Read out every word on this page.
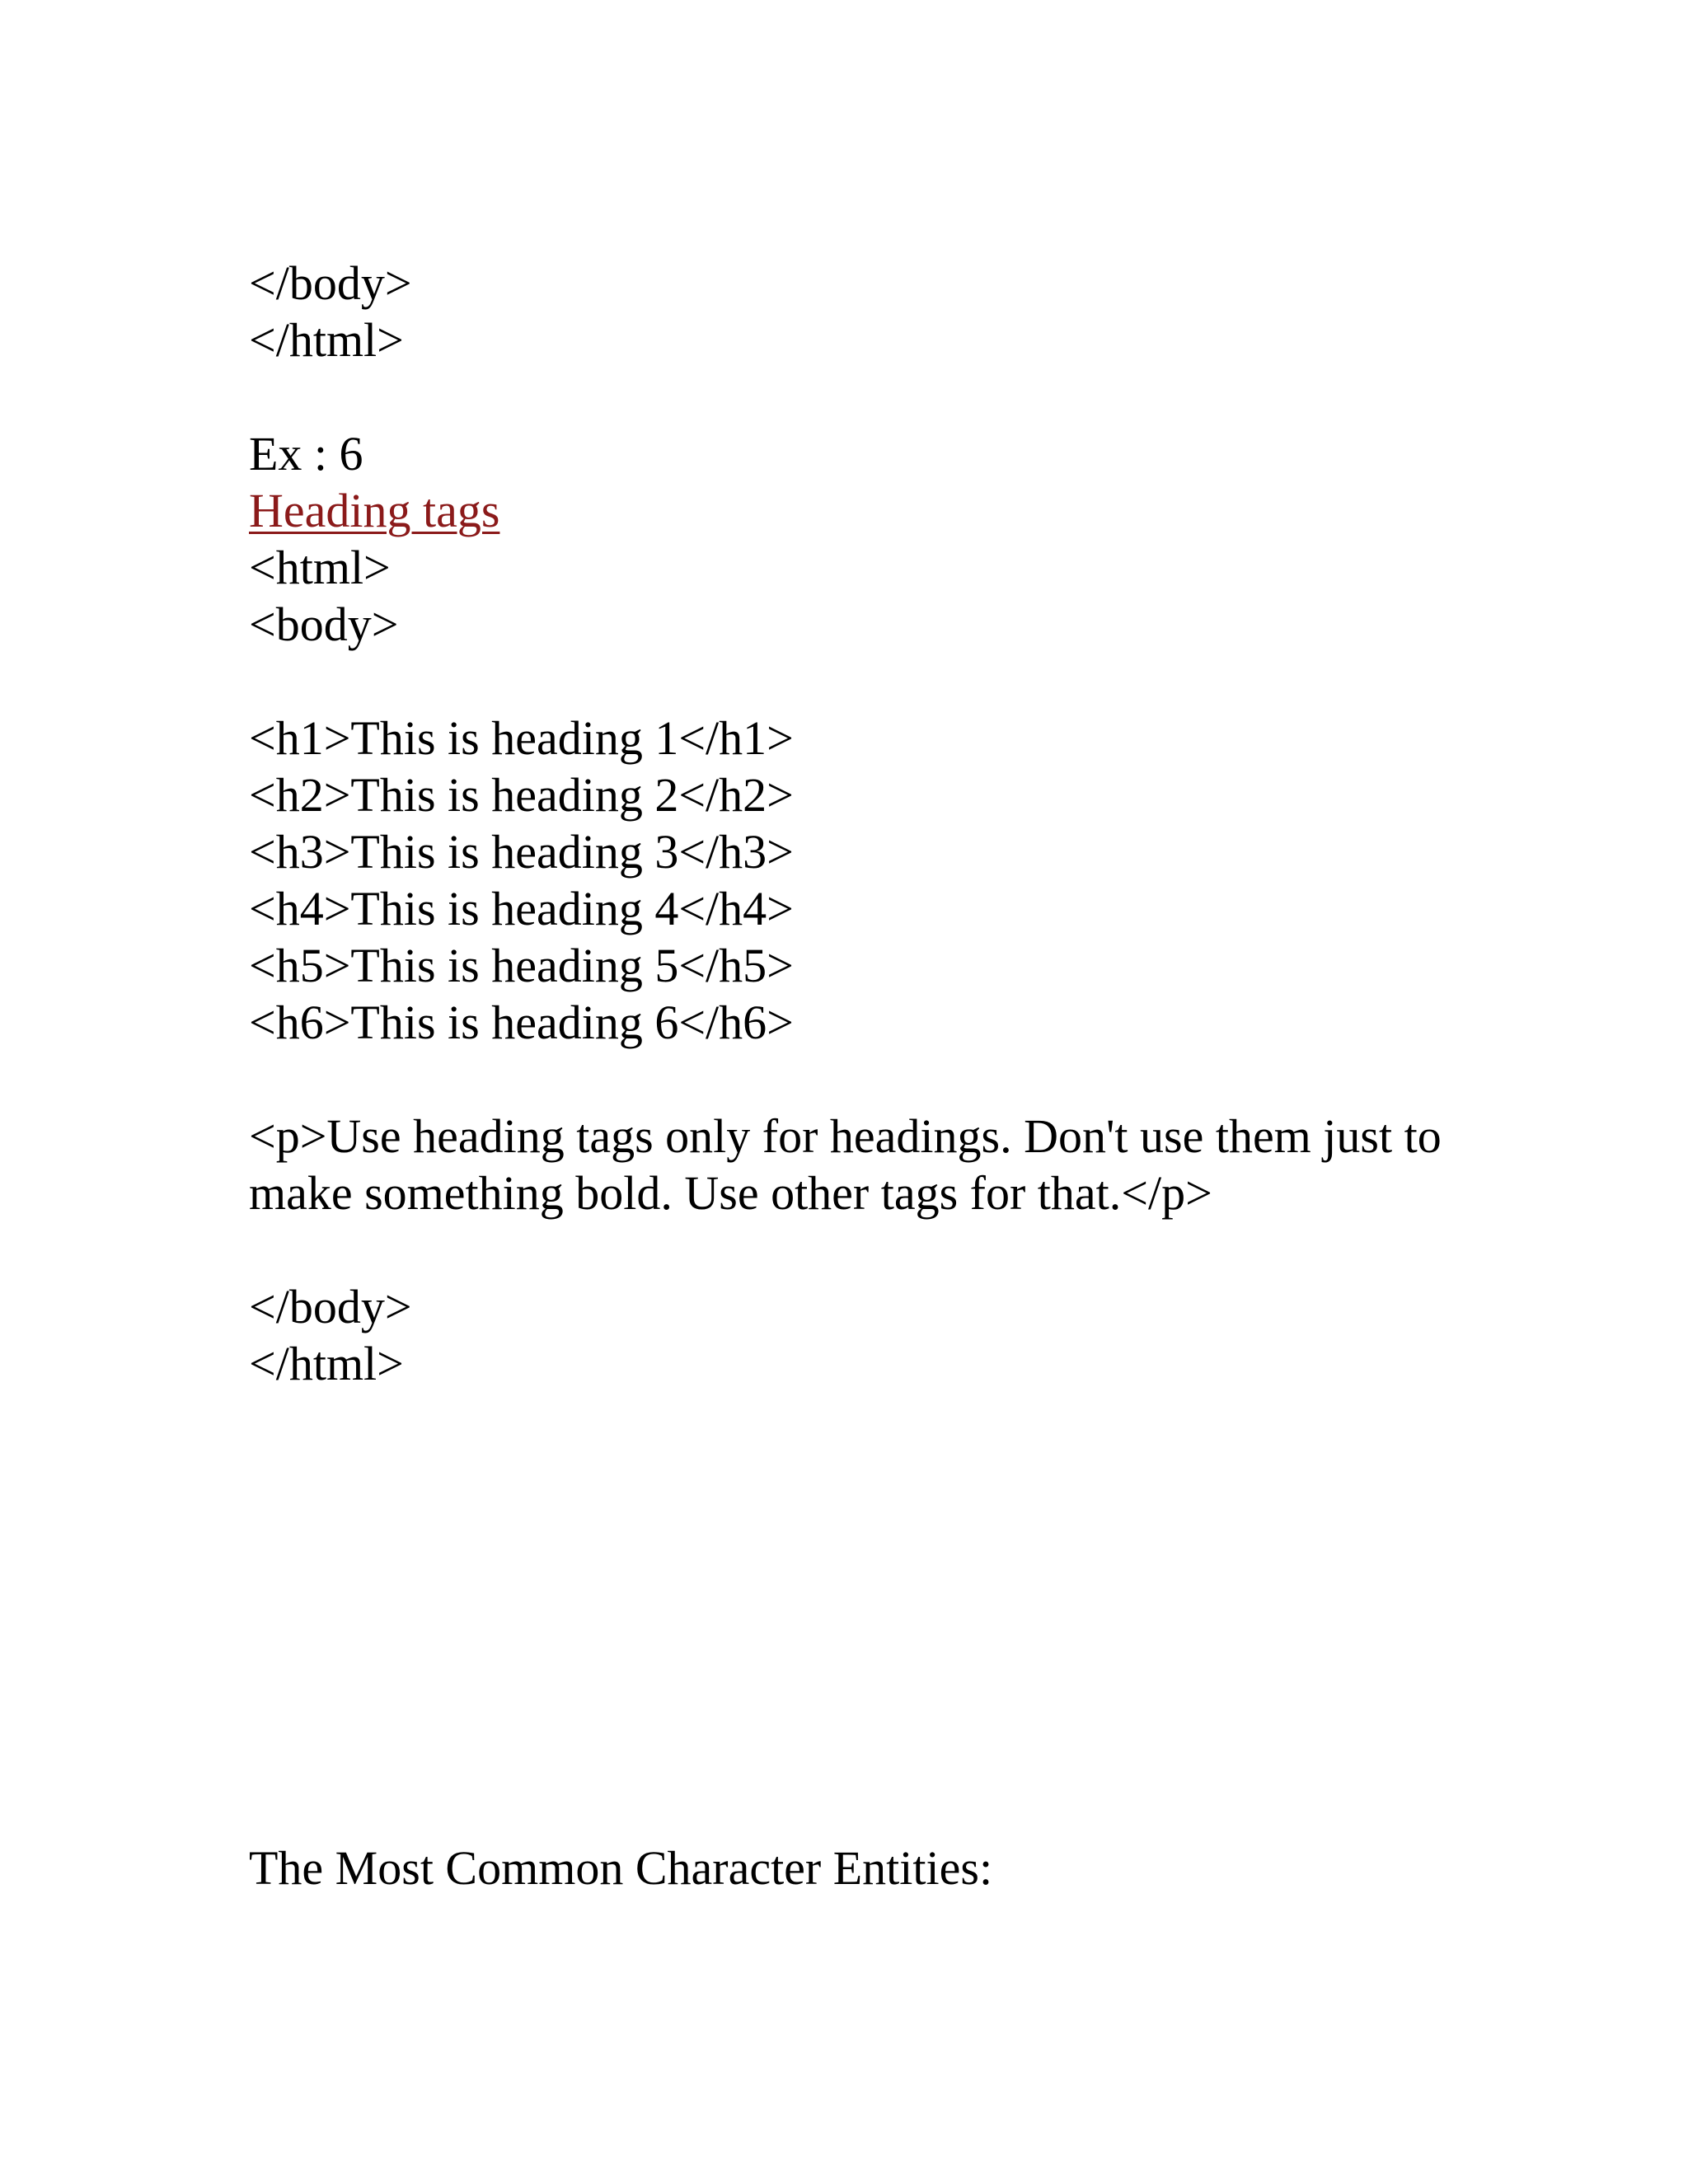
</body>
</html>
Ex : 6
Heading tags
<html>
<body>
<h1>This is heading 1</h1>
<h2>This is heading 2</h2>
<h3>This is heading 3</h3>
<h4>This is heading 4</h4>
<h5>This is heading 5</h5>
<h6>This is heading 6</h6>
<p>Use heading tags only for headings. Don't use them just to make something bold. Use other tags for that.</p>
</body>
</html>
The Most Common Character Entities:
